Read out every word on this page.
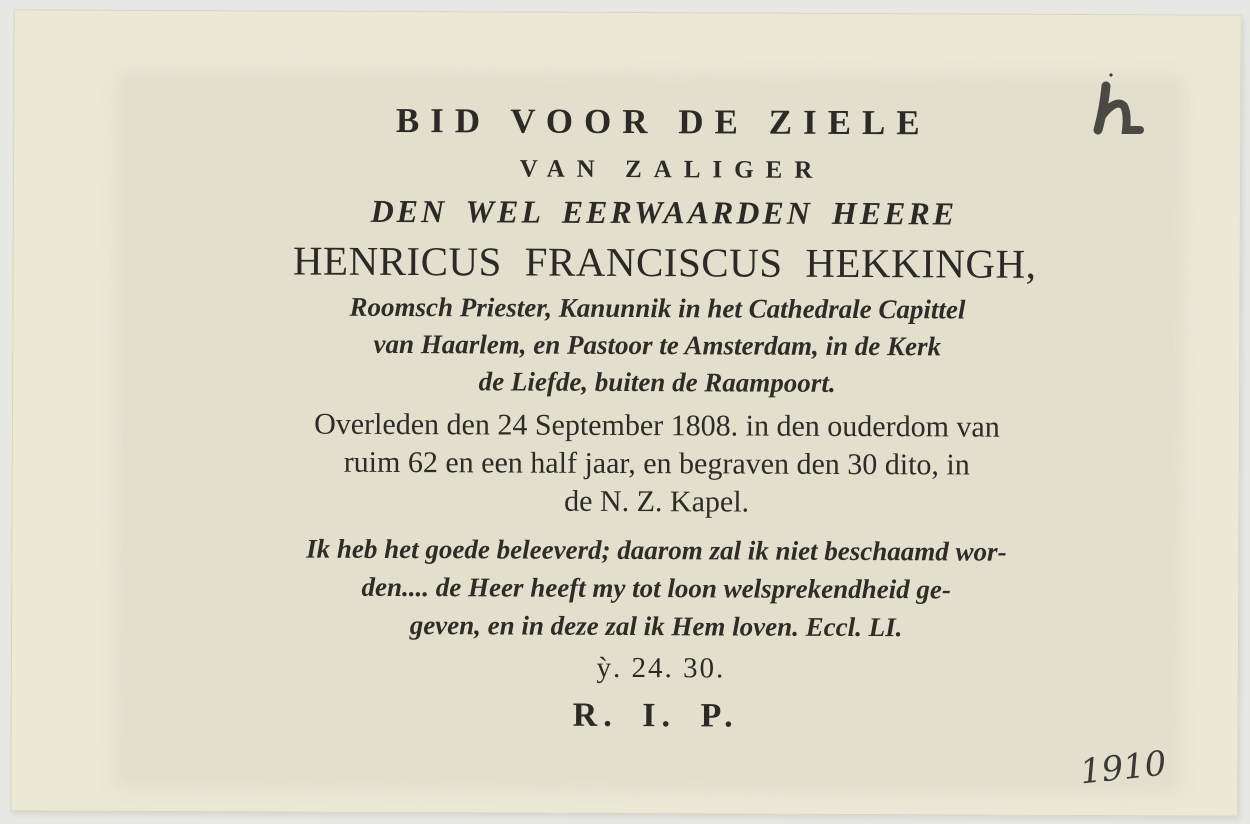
BID VOOR DE ZIELE
VAN ZALIGER
DEN WEL EERWAARDEN HEERE
HENRICUS FRANCISCUS HEKKINGH,
Roomsch Priester, Kanunnik in het Cathedrale Capittel
van Haarlem, en Pastoor te Amsterdam, in de Kerk
de Liefde, buiten de Raampoort.
Overleden den 24 September 1808. in den ouderdom van
ruim 62 en een half jaar, en begraven den 30 dito, in
de N. Z. Kapel.
Ik heb het goede beleeverd; daarom zal ik niet beschaamd wor-
den.... de Heer heeft my tot loon welsprekendheid ge-
geven, en in deze zal ik Hem loven. Eccl. LI.
ỳ. 24. 30.
R. I. P.
1910
